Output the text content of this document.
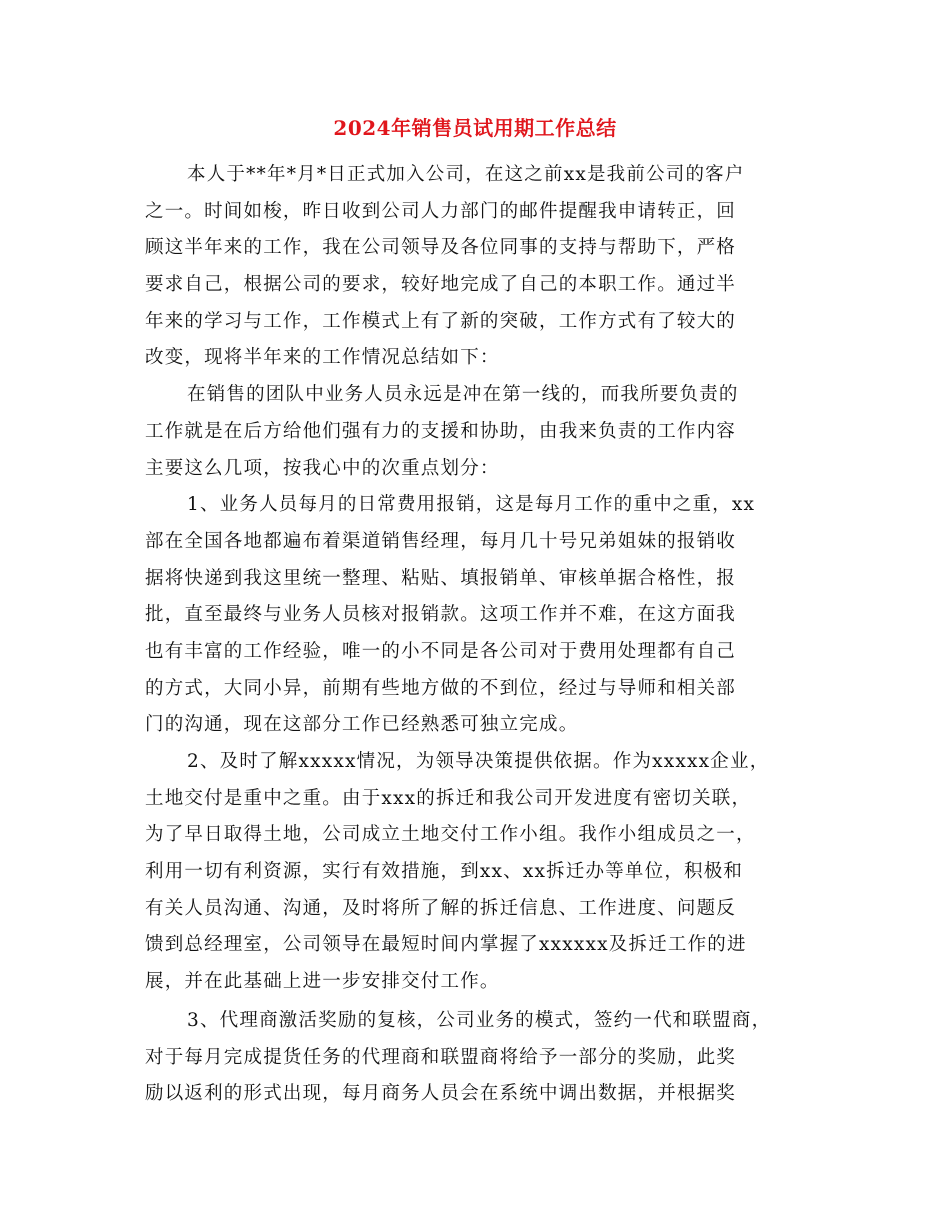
2024年销售员试用期工作总结
本人于**年*月*日正式加入公司，在这之前xx是我前公司的客户
之一。时间如梭，昨日收到公司人力部门的邮件提醒我申请转正，回
顾这半年来的工作，我在公司领导及各位同事的支持与帮助下，严格
要求自己，根据公司的要求，较好地完成了自己的本职工作。通过半
年来的学习与工作，工作模式上有了新的突破，工作方式有了较大的
改变，现将半年来的工作情况总结如下：
在销售的团队中业务人员永远是冲在第一线的，而我所要负责的
工作就是在后方给他们强有力的支援和协助，由我来负责的工作内容
主要这么几项，按我心中的次重点划分：
1、业务人员每月的日常费用报销，这是每月工作的重中之重，xx
部在全国各地都遍布着渠道销售经理，每月几十号兄弟姐妹的报销收
据将快递到我这里统一整理、粘贴、填报销单、审核单据合格性，报
批，直至最终与业务人员核对报销款。这项工作并不难，在这方面我
也有丰富的工作经验，唯一的小不同是各公司对于费用处理都有自己
的方式，大同小异，前期有些地方做的不到位，经过与导师和相关部
门的沟通，现在这部分工作已经熟悉可独立完成。
2、及时了解xxxxx情况，为领导决策提供依据。作为xxxxx企业，
土地交付是重中之重。由于xxx的拆迁和我公司开发进度有密切关联，
为了早日取得土地，公司成立土地交付工作小组。我作小组成员之一，
利用一切有利资源，实行有效措施，到xx、xx拆迁办等单位，积极和
有关人员沟通、沟通，及时将所了解的拆迁信息、工作进度、问题反
馈到总经理室，公司领导在最短时间内掌握了xxxxxx及拆迁工作的进
展，并在此基础上进一步安排交付工作。
3、代理商激活奖励的复核，公司业务的模式，签约一代和联盟商，
对于每月完成提货任务的代理商和联盟商将给予一部分的奖励，此奖
励以返利的形式出现，每月商务人员会在系统中调出数据，并根据奖
